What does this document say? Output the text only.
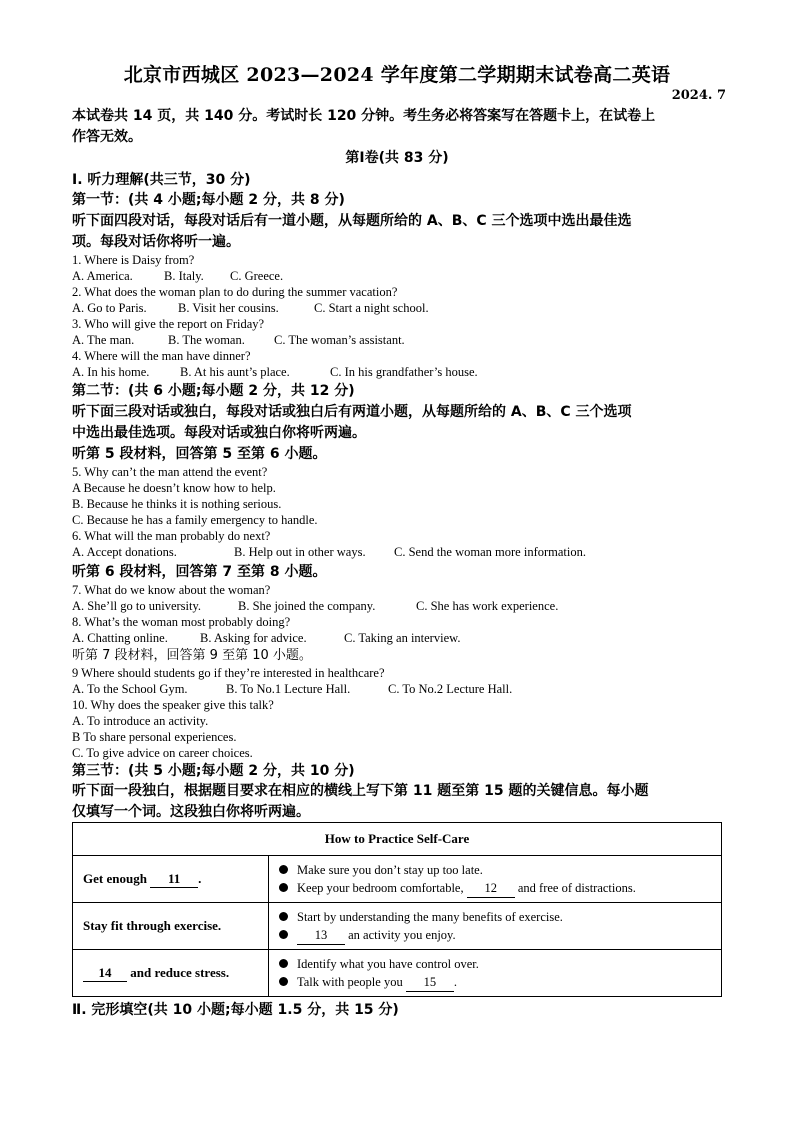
北京市西城区 2023—2024 学年度第二学期期末试卷高二英语
2024. 7
本试卷共 14 页，共 140 分。考试时长 120 分钟。考生务必将答案写在答题卡上，在试卷上
作答无效。
第Ⅰ卷(共 83 分)
Ⅰ. 听力理解(共三节，30 分)
第一节：(共 4 小题;每小题 2 分，共 8 分)
听下面四段对话，每段对话后有一道小题，从每题所给的 A、B、C 三个选项中选出最佳选
项。每段对话你将听一遍。
1. Where is Daisy from?
A. America.	B. Italy. C. Greece.
2. What does the woman plan to do during the summer vacation?
A. Go to Paris.	B. Visit her cousins.	C. Start a night school.
3. Who will give the report on Friday?
A. The man.	B. The woman. C. The woman’s assistant.
4. Where will the man have dinner?
A. In his home. B. At his aunt’s place.	C. In his grandfather’s house.
第二节：(共 6 小题;每小题 2 分，共 12 分)
听下面三段对话或独白，每段对话或独白后有两道小题，从每题所给的 A、B、C 三个选项
中选出最佳选项。每段对话或独白你将听两遍。
听第 5 段材料，回答第 5 至第 6 小题。
5. Why can’t the man attend the event?
A Because he doesn’t know how to help.
B. Because he thinks it is nothing serious.
C. Because he has a family emergency to handle.
6. What will the man probably do next?
A. Accept donations.	B. Help out in other ways. C. Send the woman more information.
听第 6 段材料，回答第 7 至第 8 小题。
7. What do we know about the woman?
A. She’ll go to university.	B. She joined the company.	C. She has work experience.
8. What’s the woman most probably doing?
A. Chatting online.	B. Asking for advice.	C. Taking an interview.
听第 7 段材料，回答第 9 至第 10 小题。
9 Where should students go if they’re interested in healthcare?
A. To the School Gym.	B. To No.1 Lecture Hall.	C. To No.2 Lecture Hall.
10. Why does the speaker give this talk?
A. To introduce an activity.
B To share personal experiences.
C. To give advice on career choices.
第三节：(共 5 小题;每小题 2 分，共 10 分)
听下面一段独白，根据题目要求在相应的横线上写下第 11 题至第 15 题的关键信息。每小题
仅填写一个词。这段独白你将听两遍。
How to Practice Self-Care	
Get enough 11 .	Make sure you don’t stay up too late.
Keep your bedroom comfortable, 12 and free of distractions.

Stay fit through exercise.	Start by understanding the many benefits of exercise.
13 an activity you enjoy.

14 and reduce stress.	Identify what you have control over.
Talk with people you 15 .
Ⅱ. 完形填空(共 10 小题;每小题 1.5 分，共 15 分)
